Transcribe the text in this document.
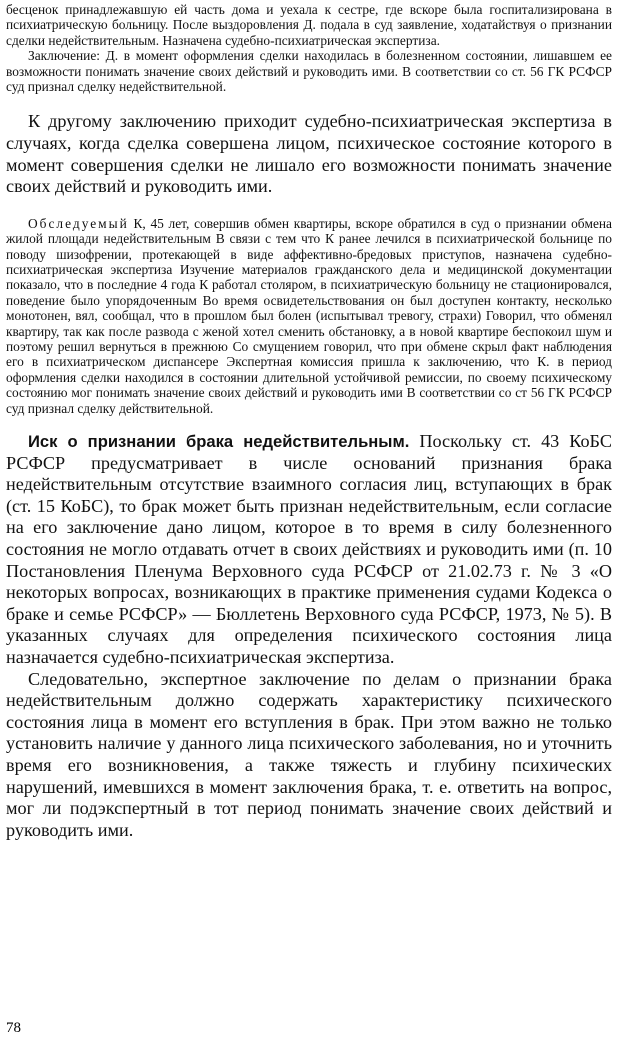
бесценок принадлежавшую ей часть дома и уехала к сестре, где вскоре была госпитализирована в психиатрическую больницу. После выздоровления Д. подала в суд заявление, ходатайствуя о признании сделки недействительным. Назначена судебно-психиатрическая экспертиза.

Заключение: Д. в момент оформления сделки находилась в болезненном состоянии, лишавшем ее возможности понимать значение своих действий и руководить ими. В соответствии со ст. 56 ГК РСФСР суд признал сделку недействительной.

К другому заключению приходит судебно-психиатрическая экспертиза в случаях, когда сделка совершена лицом, психическое состояние которого в момент совершения сделки не лишало его возможности понимать значение своих действий и руководить ими.

Обследуемый К, 45 лет, совершив обмен квартиры, вскоре обратился в суд о признании обмена жилой площади недействительным В связи с тем что К ранее лечился в психиатрической больнице по поводу шизофрении, протекающей в виде аффективно-бредовых приступов, назначена судебно-психиатрическая экспертиза Изучение материалов гражданского дела и медицинской документации показало, что в последние 4 года К работал столяром, в психиатрическую больницу не стационировался, поведение было упорядоченным Во время освидетельствования он был доступен контакту, несколько монотонен, вял, сообщал, что в прошлом был болен (испытывал тревогу, страхи) Говорил, что обменял квартиру, так как после развода с женой хотел сменить обстановку, а в новой квартире беспокоил шум и поэтому решил вернуться в прежнюю Со смущением говорил, что при обмене скрыл факт наблюдения его в психиатрическом диспансере Экспертная комиссия пришла к заключению, что К. в период оформления сделки находился в состоянии длительной устойчивой ремиссии, по своему психическому состоянию мог понимать значение своих действий и руководить ими В соответствии со ст 56 ГК РСФСР суд признал сделку действительной.

Иск о признании брака недействительным. Поскольку ст. 43 КоБС РСФСР предусматривает в числе оснований признания брака недействительным отсутствие взаимного согласия лиц, вступающих в брак (ст. 15 КоБС), то брак может быть признан недействительным, если согласие на его заключение дано лицом, которое в то время в силу болезненного состояния не могло отдавать отчет в своих действиях и руководить ими (п. 10 Постановления Пленума Верховного суда РСФСР от 21.02.73 г. № 3 «О некоторых вопросах, возникающих в практике применения судами Кодекса о браке и семье РСФСР» — Бюллетень Верховного суда РСФСР, 1973, № 5). В указанных случаях для определения психического состояния лица назначается судебно-психиатрическая экспертиза.

Следовательно, экспертное заключение по делам о признании брака недействительным должно содержать характеристику психического состояния лица в момент его вступления в брак. При этом важно не только установить наличие у данного лица психического заболевания, но и уточнить время его возникновения, а также тяжесть и глубину психических нарушений, имевшихся в момент заключения брака, т. е. ответить на вопрос, мог ли подэкспертный в тот период понимать значение своих действий и руководить ими.

78
